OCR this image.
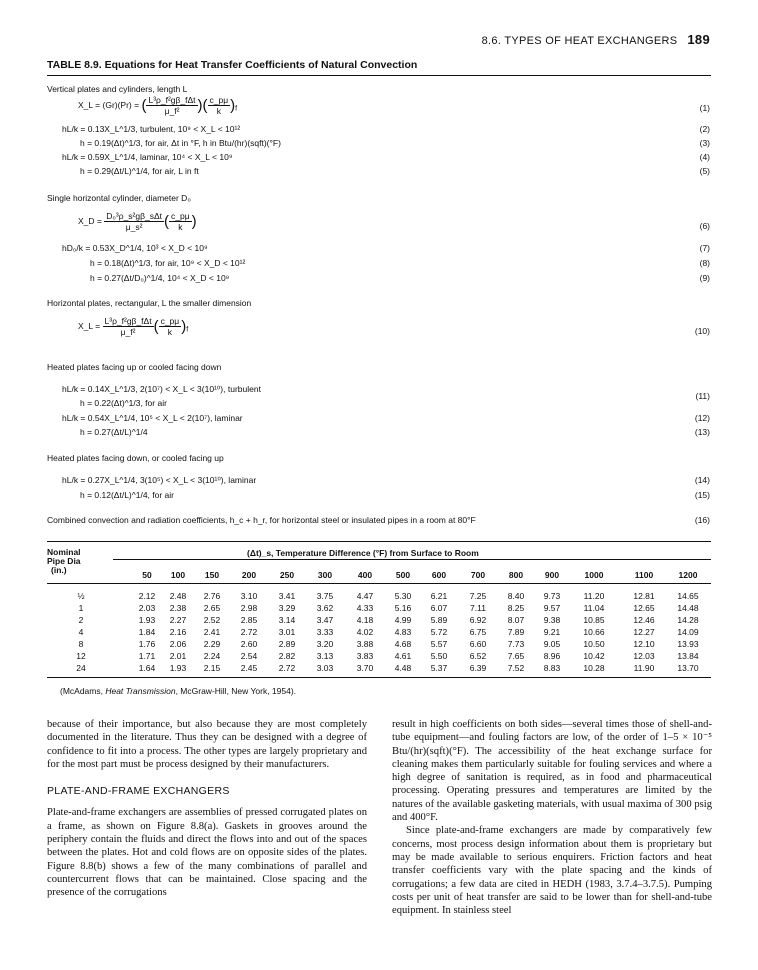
8.6. TYPES OF HEAT EXCHANGERS 189
TABLE 8.9. Equations for Heat Transfer Coefficients of Natural Convection
Vertical plates and cylinders, length L
X_L = (Gr)(Pr) = ( $\frac{\text{L³ρ\_f²gβ\_fΔt}}{\text{μ\_f²}}$ )( $\frac{c\_p\mu}{k} )_f$
hL/k = 0.13X_L^1/3, turbulent, 10⁹ < X_L < 10¹²
h = 0.19(Δt)^1/3, for air, Δt in °F, h in Btu/(hr)(sqft)(°F)
hL/k = 0.59X_L^1/4, laminar, 10⁴ < X_L < 10⁹
h = 0.29(Δt/L)^1/4, for air, L in ft
Single horizontal cylinder, diameter D₀
X_D = $\frac{\text{D₀³ρ\_s²gβ\_sΔt}}{\text{μ\_s²}}$ ( $\frac{c\_p\mu}{k}$ )
hD₀/k = 0.53X_D^1/4, 10³ < X_D < 10⁹
h = 0.18(Δt)^1/3, for air, 10⁹ < X_D < 10¹²
h = 0.27(Δt/D₀)^1/4, 10⁴ < X_D < 10⁹
Horizontal plates, rectangular, L the smaller dimension
X_L = $\frac{\text{L³ρ\_f²gβ\_fΔt}}{\text{μ\_f²}}$ ( $\frac{c\_p\mu}{k} )_f$
Heated plates facing up or cooled facing down
hL/k = 0.14X_L^1/3, 2(10⁷) < X_L < 3(10¹⁰), turbulent
h = 0.22(Δt)^1/3, for air
hL/k = 0.54X_L^1/4, 10⁵ < X_L < 2(10⁷), laminar
h = 0.27(Δt/L)^1/4
Heated plates facing down, or cooled facing up
hL/k = 0.27X_L^1/4, 3(10⁵) < X_L < 3(10¹⁰), laminar
h = 0.12(Δt/L)^1/4, for air
Combined convection and radiation coefficients, h_c + h_r, for horizontal steel or insulated pipes in a room at 80°F
(1)
(2)
(3)
(4)
(5)
(6)
(7)
(8)
(9)
(10)
(11)
(12)
(13)
(14)
(15)
(16)
Nominal
Pipe Dia
(in.)
(Δt)_s, Temperature Difference (°F) from Surface to Room
50	100	150	200	250	300	400	500	600	700	800	900	1000	1100	1200
½	2.12	2.48	2.76	3.10	3.41	3.75	4.47	5.30	6.21	7.25	8.40	9.73	11.20	12.81	14.65
1	2.03	2.38	2.65	2.98	3.29	3.62	4.33	5.16	6.07	7.11	8.25	9.57	11.04	12.65	14.48
2	1.93	2.27	2.52	2.85	3.14	3.47	4.18	4.99	5.89	6.92	8.07	9.38	10.85	12.46	14.28
4	1.84	2.16	2.41	2.72	3.01	3.33	4.02	4.83	5.72	6.75	7.89	9.21	10.66	12.27	14.09
8	1.76	2.06	2.29	2.60	2.89	3.20	3.88	4.68	5.57	6.60	7.73	9.05	10.50	12.10	13.93
12	1.71	2.01	2.24	2.54	2.82	3.13	3.83	4.61	5.50	6.52	7.65	8.96	10.42	12.03	13.84
24	1.64	1.93	2.15	2.45	2.72	3.03	3.70	4.48	5.37	6.39	7.52	8.83	10.28	11.90	13.70
(McAdams, Heat Transmission, McGraw-Hill, New York, 1954).

because of their importance, but also because they are most completely documented in the literature. Thus they can be designed with a degree of confidence to fit into a process. The other types are largely proprietary and for the most part must be process designed by their manufacturers.

PLATE-AND-FRAME EXCHANGERS

Plate-and-frame exchangers are assemblies of pressed corrugated plates on a frame, as shown on Figure 8.8(a). Gaskets in grooves around the periphery contain the fluids and direct the flows into and out of the spaces between the plates. Hot and cold flows are on opposite sides of the plates. Figure 8.8(b) shows a few of the many combinations of parallel and countercurrent flows that can be maintained. Close spacing and the presence of the corrugations

result in high coefficients on both sides—several times those of shell-and-tube equipment—and fouling factors are low, of the order of 1–5 × 10⁻⁵ Btu/(hr)(sqft)(°F). The accessibility of the heat exchange surface for cleaning makes them particularly suitable for fouling services and where a high degree of sanitation is required, as in food and pharmaceutical processing. Operating pressures and temperatures are limited by the natures of the available gasketing materials, with usual maxima of 300 psig and 400°F.

Since plate-and-frame exchangers are made by comparatively few concerns, most process design information about them is proprietary but may be made available to serious enquirers. Friction factors and heat transfer coefficients vary with the plate spacing and the kinds of corrugations; a few data are cited in HEDH (1983, 3.7.4–3.7.5). Pumping costs per unit of heat transfer are said to be lower than for shell-and-tube equipment. In stainless steel
